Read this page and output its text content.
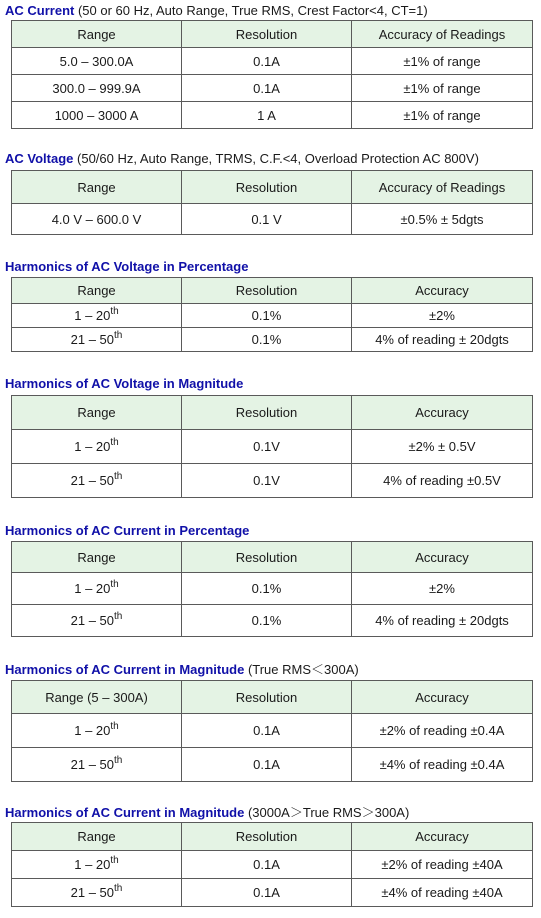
AC Current (50 or 60 Hz, Auto Range, True RMS, Crest Factor<4, CT=1)
Range	Resolution	Accuracy of Readings
5.0 – 300.0A	0.1A	±1% of range
300.0 – 999.9A	0.1A	±1% of range
1000 – 3000 A	1 A	±1% of range
AC Voltage (50/60 Hz, Auto Range, TRMS, C.F.<4, Overload Protection AC 800V)
Range	Resolution	Accuracy of Readings
4.0 V – 600.0 V	0.1 V	±0.5% ± 5dgts
Harmonics of AC Voltage in Percentage
Range	Resolution	Accuracy
1 – 20th	0.1%	±2%
21 – 50th	0.1%	4% of reading ± 20dgts
Harmonics of AC Voltage in Magnitude
Range	Resolution	Accuracy
1 – 20th	0.1V	±2% ± 0.5V
21 – 50th	0.1V	4% of reading ±0.5V
Harmonics of AC Current in Percentage
Range	Resolution	Accuracy
1 – 20th	0.1%	±2%
21 – 50th	0.1%	4% of reading ± 20dgts
Harmonics of AC Current in Magnitude (True RMS＜300A)
Range (5 – 300A)	Resolution	Accuracy
1 – 20th	0.1A	±2% of reading ±0.4A
21 – 50th	0.1A	±4% of reading ±0.4A
Harmonics of AC Current in Magnitude (3000A＞True RMS＞300A)
Range	Resolution	Accuracy
1 – 20th	0.1A	±2% of reading ±40A
21 – 50th	0.1A	±4% of reading ±40A
